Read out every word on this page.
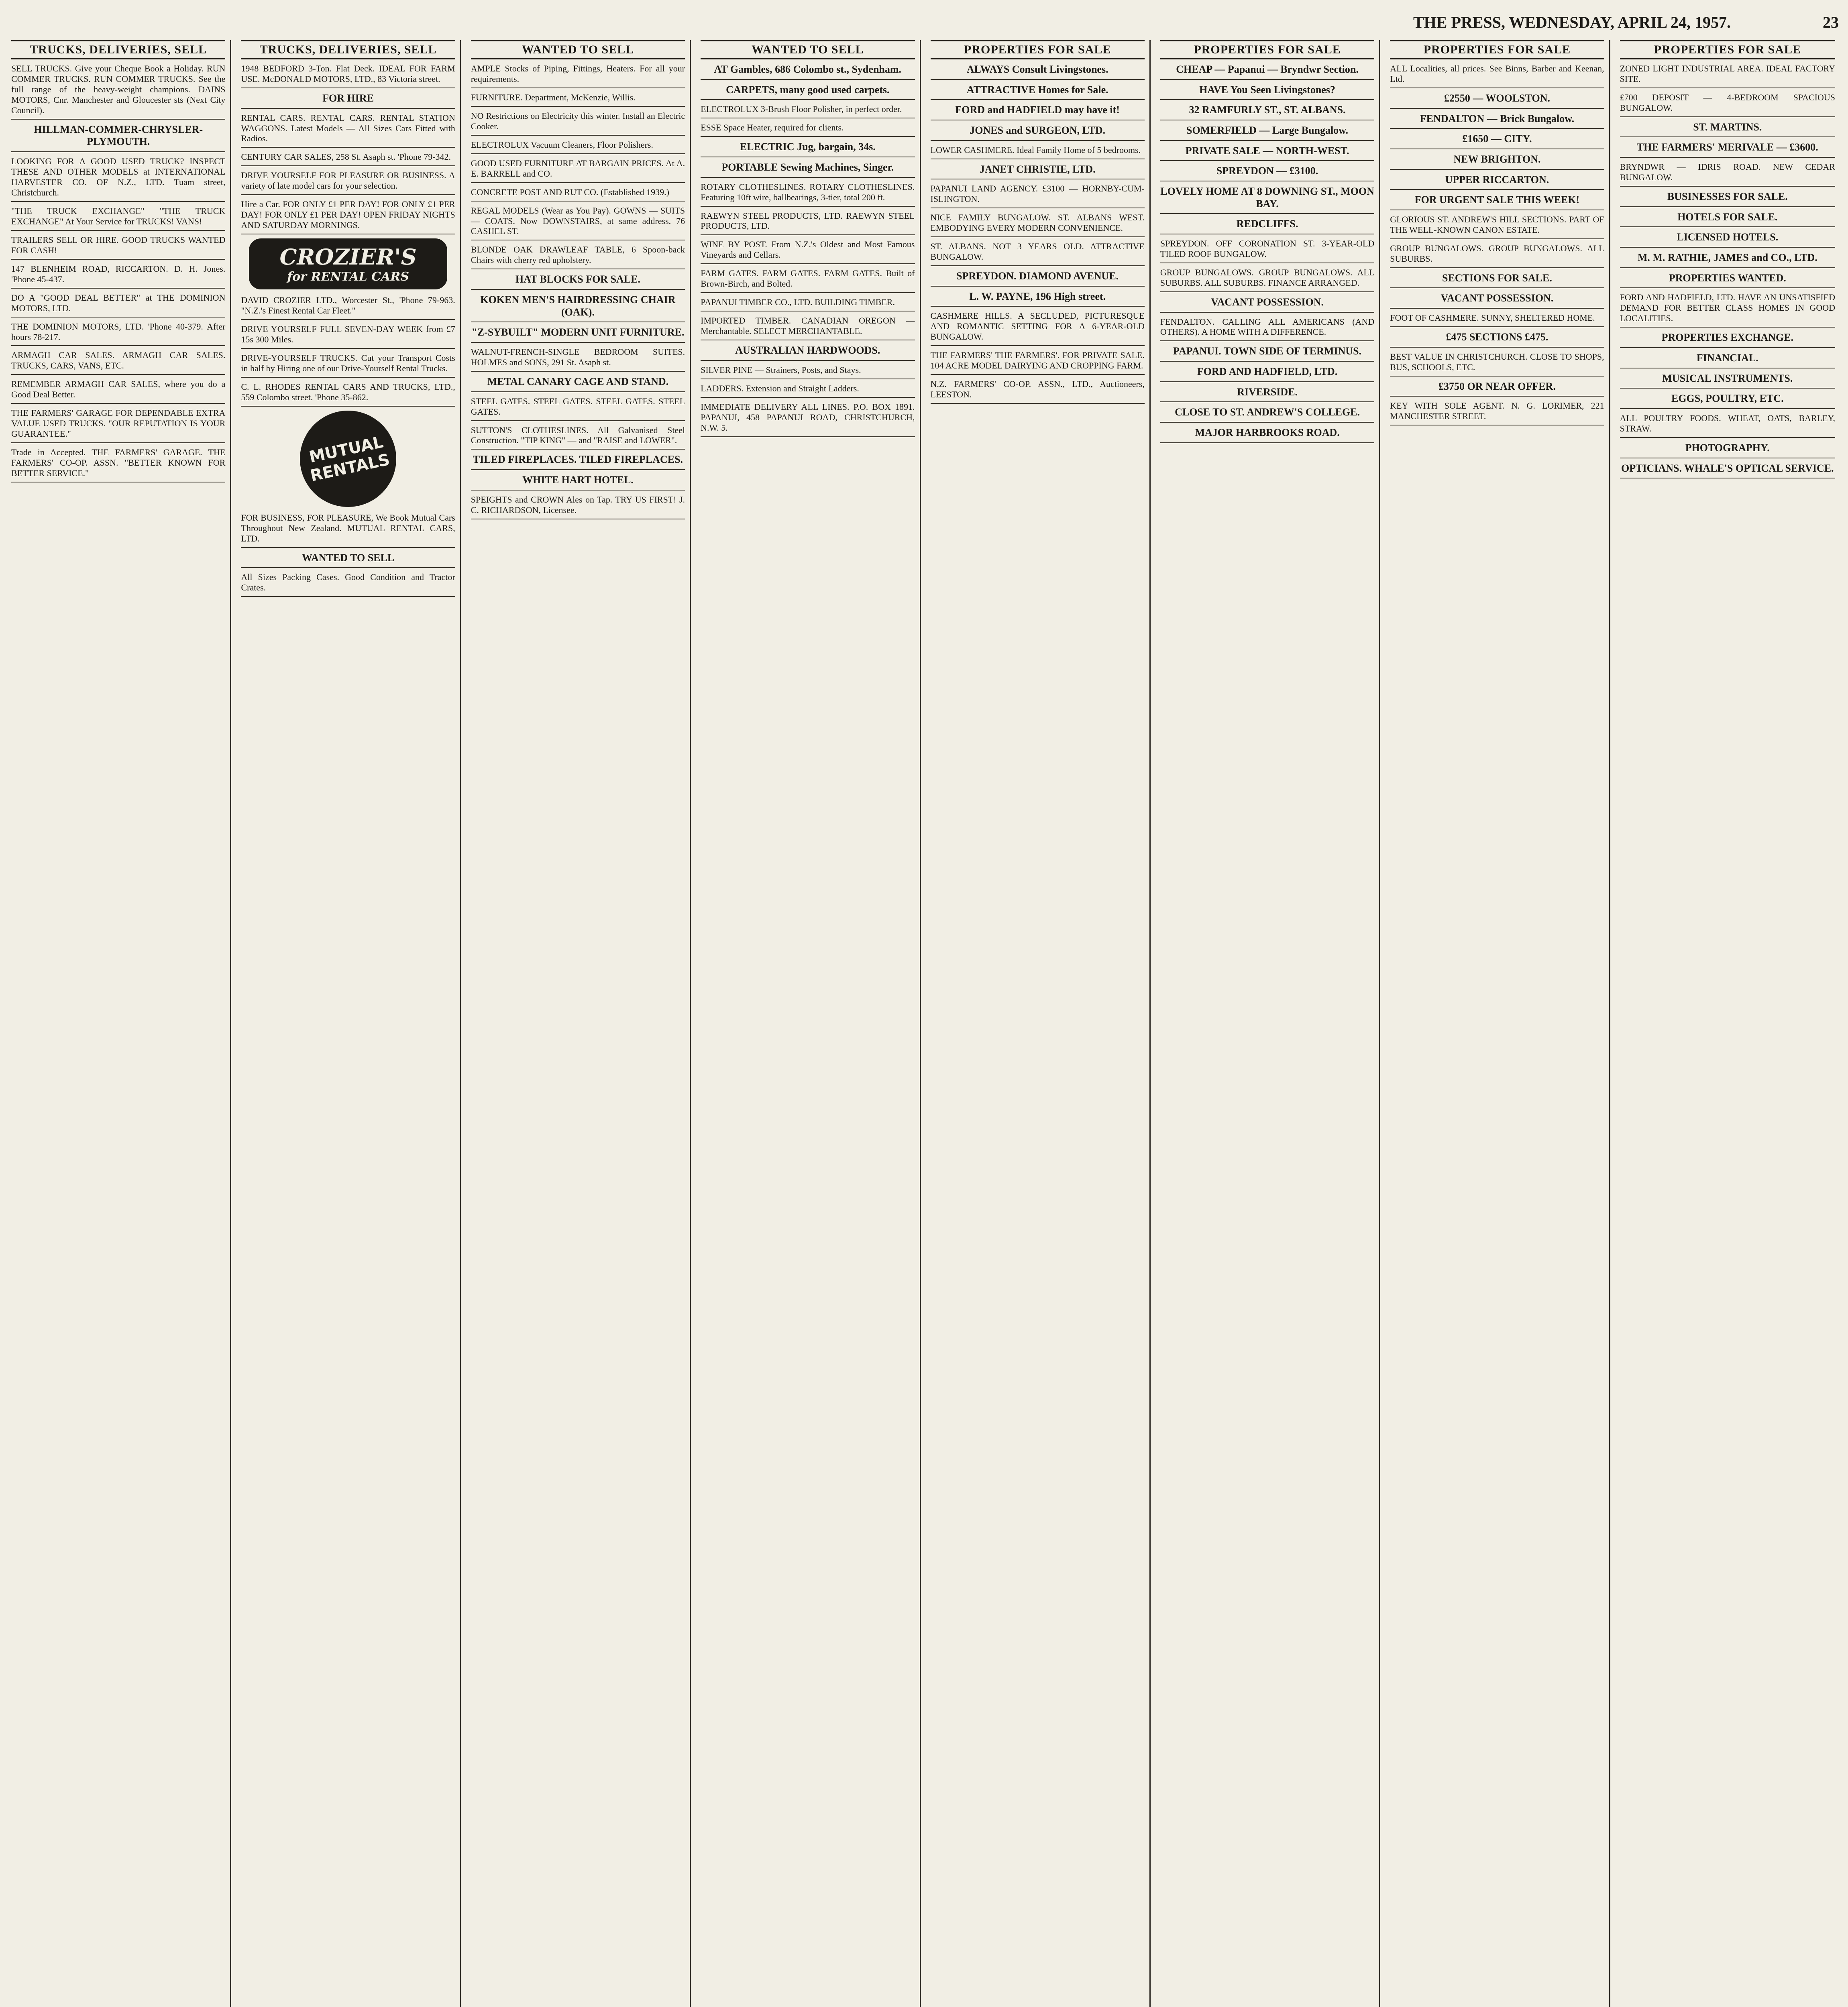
THE PRESS, WEDNESDAY, APRIL 24, 1957.	23
TRUCKS, DELIVERIES, SELL

SELL TRUCKS. Give your Cheque Book a Holiday. RUN COMMER TRUCKS. RUN COMMER TRUCKS. See the full range of the heavy-weight champions. DAINS MOTORS, Cnr. Manchester and Gloucester sts (Next City Council).

HILLMAN-COMMER-CHRYSLER-PLYMOUTH.

LOOKING FOR A GOOD USED TRUCK? INSPECT THESE AND OTHER MODELS at INTERNATIONAL HARVESTER CO. OF N.Z., LTD. Tuam street, Christchurch.

"THE TRUCK EXCHANGE" "THE TRUCK EXCHANGE" At Your Service for TRUCKS! VANS!

TRAILERS SELL OR HIRE. GOOD TRUCKS WANTED FOR CASH!

147 BLENHEIM ROAD, RICCARTON. D. H. Jones. 'Phone 45-437.

DO A "GOOD DEAL BETTER" at THE DOMINION MOTORS, LTD.

THE DOMINION MOTORS, LTD. 'Phone 40-379. After hours 78-217.

ARMAGH CAR SALES. ARMAGH CAR SALES. TRUCKS, CARS, VANS, ETC.

REMEMBER ARMAGH CAR SALES, where you do a Good Deal Better.

THE FARMERS' GARAGE FOR DEPENDABLE EXTRA VALUE USED TRUCKS. "OUR REPUTATION IS YOUR GUARANTEE."

Trade in Accepted. THE FARMERS' GARAGE. THE FARMERS' CO-OP. ASSN. "BETTER KNOWN FOR BETTER SERVICE."

TRUCKS, DELIVERIES, SELL

1948 BEDFORD 3-Ton. Flat Deck. IDEAL FOR FARM USE. McDONALD MOTORS, LTD., 83 Victoria street.

FOR HIRE

RENTAL CARS. RENTAL CARS. RENTAL STATION WAGGONS. Latest Models — All Sizes Cars Fitted with Radios.

CENTURY CAR SALES, 258 St. Asaph st. 'Phone 79-342.

DRIVE YOURSELF FOR PLEASURE OR BUSINESS. A variety of late model cars for your selection.

Hire a Car. FOR ONLY £1 PER DAY! FOR ONLY £1 PER DAY! FOR ONLY £1 PER DAY! OPEN FRIDAY NIGHTS AND SATURDAY MORNINGS.

CROZIER'S
for RENTAL CARS

DAVID CROZIER LTD., Worcester St., 'Phone 79-963. "N.Z.'s Finest Rental Car Fleet."

DRIVE YOURSELF FULL SEVEN-DAY WEEK from £7 15s 300 Miles.

DRIVE-YOURSELF TRUCKS. Cut your Transport Costs in half by Hiring one of our Drive-Yourself Rental Trucks.

C. L. RHODES RENTAL CARS AND TRUCKS, LTD., 559 Colombo street. 'Phone 35-862.

MUTUAL RENTALS

FOR BUSINESS, FOR PLEASURE, We Book Mutual Cars Throughout New Zealand. MUTUAL RENTAL CARS, LTD.

WANTED TO SELL

All Sizes Packing Cases. Good Condition and Tractor Crates.

WANTED TO SELL

AMPLE Stocks of Piping, Fittings, Heaters. For all your requirements.

FURNITURE. Department, McKenzie, Willis.

NO Restrictions on Electricity this winter. Install an Electric Cooker.

ELECTROLUX Vacuum Cleaners, Floor Polishers.

GOOD USED FURNITURE AT BARGAIN PRICES. At A. E. BARRELL and CO.

CONCRETE POST AND RUT CO. (Established 1939.)

REGAL MODELS (Wear as You Pay). GOWNS — SUITS — COATS. Now DOWNSTAIRS, at same address. 76 CASHEL ST.

BLONDE OAK DRAWLEAF TABLE, 6 Spoon-back Chairs with cherry red upholstery.

HAT BLOCKS FOR SALE.

KOKEN MEN'S HAIRDRESSING CHAIR (OAK).

"Z-SYBUILT" MODERN UNIT FURNITURE.

WALNUT-FRENCH-SINGLE BEDROOM SUITES. HOLMES and SONS, 291 St. Asaph st.

METAL CANARY CAGE AND STAND.

STEEL GATES. STEEL GATES. STEEL GATES. STEEL GATES.

SUTTON'S CLOTHESLINES. All Galvanised Steel Construction. "TIP KING" — and "RAISE and LOWER".

TILED FIREPLACES. TILED FIREPLACES.

WHITE HART HOTEL.

SPEIGHTS and CROWN Ales on Tap. TRY US FIRST! J. C. RICHARDSON, Licensee.

WANTED TO SELL

AT Gambles, 686 Colombo st., Sydenham.

CARPETS, many good used carpets.

ELECTROLUX 3-Brush Floor Polisher, in perfect order.

ESSE Space Heater, required for clients.

ELECTRIC Jug, bargain, 34s.

PORTABLE Sewing Machines, Singer.

ROTARY CLOTHESLINES. ROTARY CLOTHESLINES. Featuring 10ft wire, ballbearings, 3-tier, total 200 ft.

RAEWYN STEEL PRODUCTS, LTD. RAEWYN STEEL PRODUCTS, LTD.

WINE BY POST. From N.Z.'s Oldest and Most Famous Vineyards and Cellars.

FARM GATES. FARM GATES. FARM GATES. Built of Brown-Birch, and Bolted.

PAPANUI TIMBER CO., LTD. BUILDING TIMBER.

IMPORTED TIMBER. CANADIAN OREGON — Merchantable. SELECT MERCHANTABLE.

AUSTRALIAN HARDWOODS.

SILVER PINE — Strainers, Posts, and Stays.

LADDERS. Extension and Straight Ladders.

IMMEDIATE DELIVERY ALL LINES. P.O. BOX 1891. PAPANUI, 458 PAPANUI ROAD, CHRISTCHURCH, N.W. 5.

PROPERTIES FOR SALE

ALWAYS Consult Livingstones.

ATTRACTIVE Homes for Sale.

FORD and HADFIELD may have it!

JONES and SURGEON, LTD.

LOWER CASHMERE. Ideal Family Home of 5 bedrooms.

JANET CHRISTIE, LTD.

PAPANUI LAND AGENCY. £3100 — HORNBY-CUM-ISLINGTON.

NICE FAMILY BUNGALOW. ST. ALBANS WEST. EMBODYING EVERY MODERN CONVENIENCE.

ST. ALBANS. NOT 3 YEARS OLD. ATTRACTIVE BUNGALOW.

SPREYDON. DIAMOND AVENUE.

L. W. PAYNE, 196 High street.

CASHMERE HILLS. A SECLUDED, PICTURESQUE AND ROMANTIC SETTING FOR A 6-YEAR-OLD BUNGALOW.

THE FARMERS' THE FARMERS'. FOR PRIVATE SALE. 104 ACRE MODEL DAIRYING AND CROPPING FARM.

N.Z. FARMERS' CO-OP. ASSN., LTD., Auctioneers, LEESTON.

PROPERTIES FOR SALE

CHEAP — Papanui — Bryndwr Section.

HAVE You Seen Livingstones?

32 RAMFURLY ST., ST. ALBANS.

SOMERFIELD — Large Bungalow.

PRIVATE SALE — NORTH-WEST.

SPREYDON — £3100.

LOVELY HOME AT 8 DOWNING ST., MOON BAY.

REDCLIFFS.

SPREYDON. OFF CORONATION ST. 3-YEAR-OLD TILED ROOF BUNGALOW.

GROUP BUNGALOWS. GROUP BUNGALOWS. ALL SUBURBS. ALL SUBURBS. FINANCE ARRANGED.

VACANT POSSESSION.

FENDALTON. CALLING ALL AMERICANS (AND OTHERS). A HOME WITH A DIFFERENCE.

PAPANUI. TOWN SIDE OF TERMINUS.

FORD AND HADFIELD, LTD.

RIVERSIDE.

CLOSE TO ST. ANDREW'S COLLEGE.

MAJOR HARBROOKS ROAD.

PROPERTIES FOR SALE

ALL Localities, all prices. See Binns, Barber and Keenan, Ltd.

£2550 — WOOLSTON.

FENDALTON — Brick Bungalow.

£1650 — CITY.

NEW BRIGHTON.

UPPER RICCARTON.

FOR URGENT SALE THIS WEEK!

GLORIOUS ST. ANDREW'S HILL SECTIONS. PART OF THE WELL-KNOWN CANON ESTATE.

GROUP BUNGALOWS. GROUP BUNGALOWS. ALL SUBURBS.

SECTIONS FOR SALE.

VACANT POSSESSION.

FOOT OF CASHMERE. SUNNY, SHELTERED HOME.

£475 SECTIONS £475.

BEST VALUE IN CHRISTCHURCH. CLOSE TO SHOPS, BUS, SCHOOLS, ETC.

£3750 OR NEAR OFFER.

KEY WITH SOLE AGENT. N. G. LORIMER, 221 MANCHESTER STREET.

PROPERTIES FOR SALE

ZONED LIGHT INDUSTRIAL AREA. IDEAL FACTORY SITE.

£700 DEPOSIT — 4-BEDROOM SPACIOUS BUNGALOW.

ST. MARTINS.

THE FARMERS' MERIVALE — £3600.

BRYNDWR — IDRIS ROAD. NEW CEDAR BUNGALOW.

BUSINESSES FOR SALE.

HOTELS FOR SALE.

LICENSED HOTELS.

M. M. RATHIE, JAMES and CO., LTD.

PROPERTIES WANTED.

FORD AND HADFIELD, LTD. HAVE AN UNSATISFIED DEMAND FOR BETTER CLASS HOMES IN GOOD LOCALITIES.

PROPERTIES EXCHANGE.

FINANCIAL.

MUSICAL INSTRUMENTS.

EGGS, POULTRY, ETC.

ALL POULTRY FOODS. WHEAT, OATS, BARLEY, STRAW.

PHOTOGRAPHY.

OPTICIANS. WHALE'S OPTICAL SERVICE.
